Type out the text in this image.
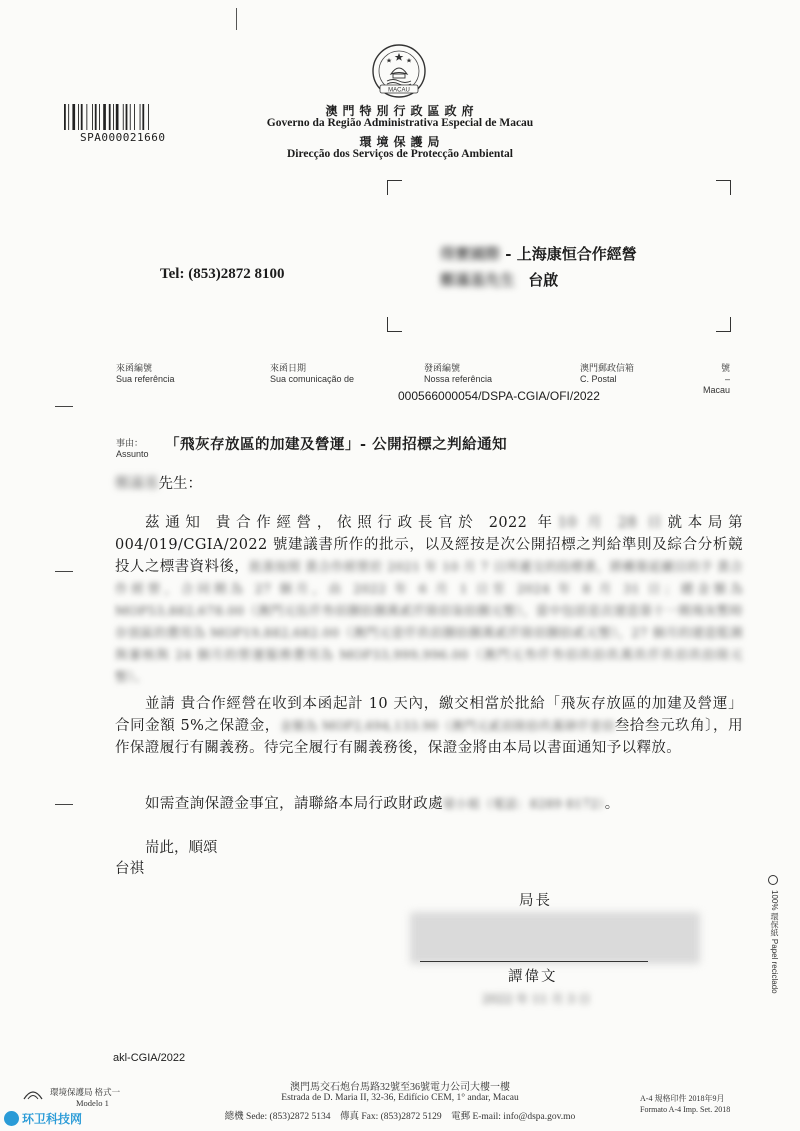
MACAU
澳 門 特 別 行 政 區 政 府
Governo da Região Administrativa Especial de Macau
環 境 保 護 局
Direcção dos Serviços de Protecção Ambiental
SPA000021660
Tel: (853)2872 8100
得寶國際 - 上海康恒合作經營
鄭滿基先生 台啟
來函編號
Sua referência
來函日期
Sua comunicação de
發函編號
Nossa referência
澳門郵政信箱
C. Postal
號
– Macau
000566000054/DSPA-CGIA/OFI/2022
事由：
Assunto
「飛灰存放區的加建及營運」- 公開招標之判給通知
鄭滿基先生：
茲通知 貴合作經營，依照行政長官於 2022 年10 月 28 日就本局第 004/019/CGIA/2022 號建議書所作的批示，以及經按是次公開招標之判給準則及綜合分析競投人之標書資料後，批准按照 貴合作經營於 2021 年 10 月 7 日所遞交的投標書，將構築延續目的予 貴合作經營，合同期為 27 個月，由 2022 年 6 月 1 日至 2024 年 8 月 31 日；總金額為 MOP53,882,678.00（澳門元伍仟叁佰捌拾捌萬貳仟陸佰柒拾捌元整），當中包括是次建造第十一期飛灰暫時存放區的費用為 MOP19,882,682.00（澳門元壹仟玖佰捌拾捌萬貳仟陸佰捌拾貳元整），27 個月的建造監測與審核與 24 個月的營運服務費用為 MOP33,999,996.00（澳門元叁仟叁佰玖拾玖萬玖仟玖佰玖拾陸元整）。
並請 貴合作經營在收到本函起計 10 天內，繳交相當於批給「飛灰存放區的加建及營運」合同金額 5%之保證金，金額為 MOP2,694,133.90（澳門元貳佰陸拾玖萬肆仟壹佰叁拾叁元玖角〕，用作保證履行有關義務。待完全履行有關義務後，保證金將由本局以書面通知予以釋放。
如需查詢保證金事宜，請聯絡本局行政財政處梁小姐（電話：8289 8172）。
耑此，順頌
台祺
局長
譚偉文
2022 年 11 月 3 日
100% 環保紙 Papel reciclado
akl-CGIA/2022
環境保護局 格式一
Modelo 1
澳門馬交石炮台馬路32號至36號電力公司大樓一樓
Estrada de D. Maria II, 32-36, Edifício CEM, 1° andar, Macau
總機 Sede: (853)2872 5134    傳真 Fax: (853)2872 5129    電郵 E-mail: info@dspa.gov.mo
A-4 規格印件 2018年9月
Formato A-4 Imp. Set. 2018
环卫科技网
